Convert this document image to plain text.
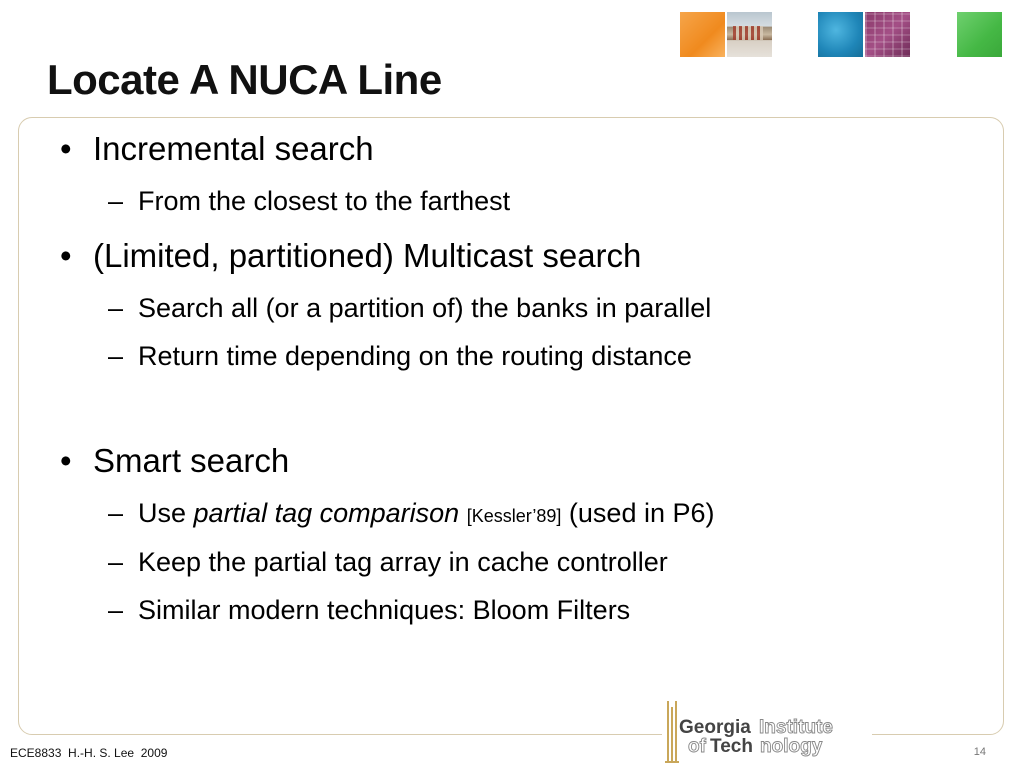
Locate A NUCA Line
• Incremental search
– From the closest to the farthest
• (Limited, partitioned) Multicast search
– Search all (or a partition of) the banks in parallel
– Return time depending on the routing distance
• Smart search
– Use partial tag comparison [Kessler’89] (used in P6)
– Keep the partial tag array in cache controller
– Similar modern techniques: Bloom Filters
ECE8833  H.-H. S. Lee  2009
Georgia Institute
of Tech nology	14
